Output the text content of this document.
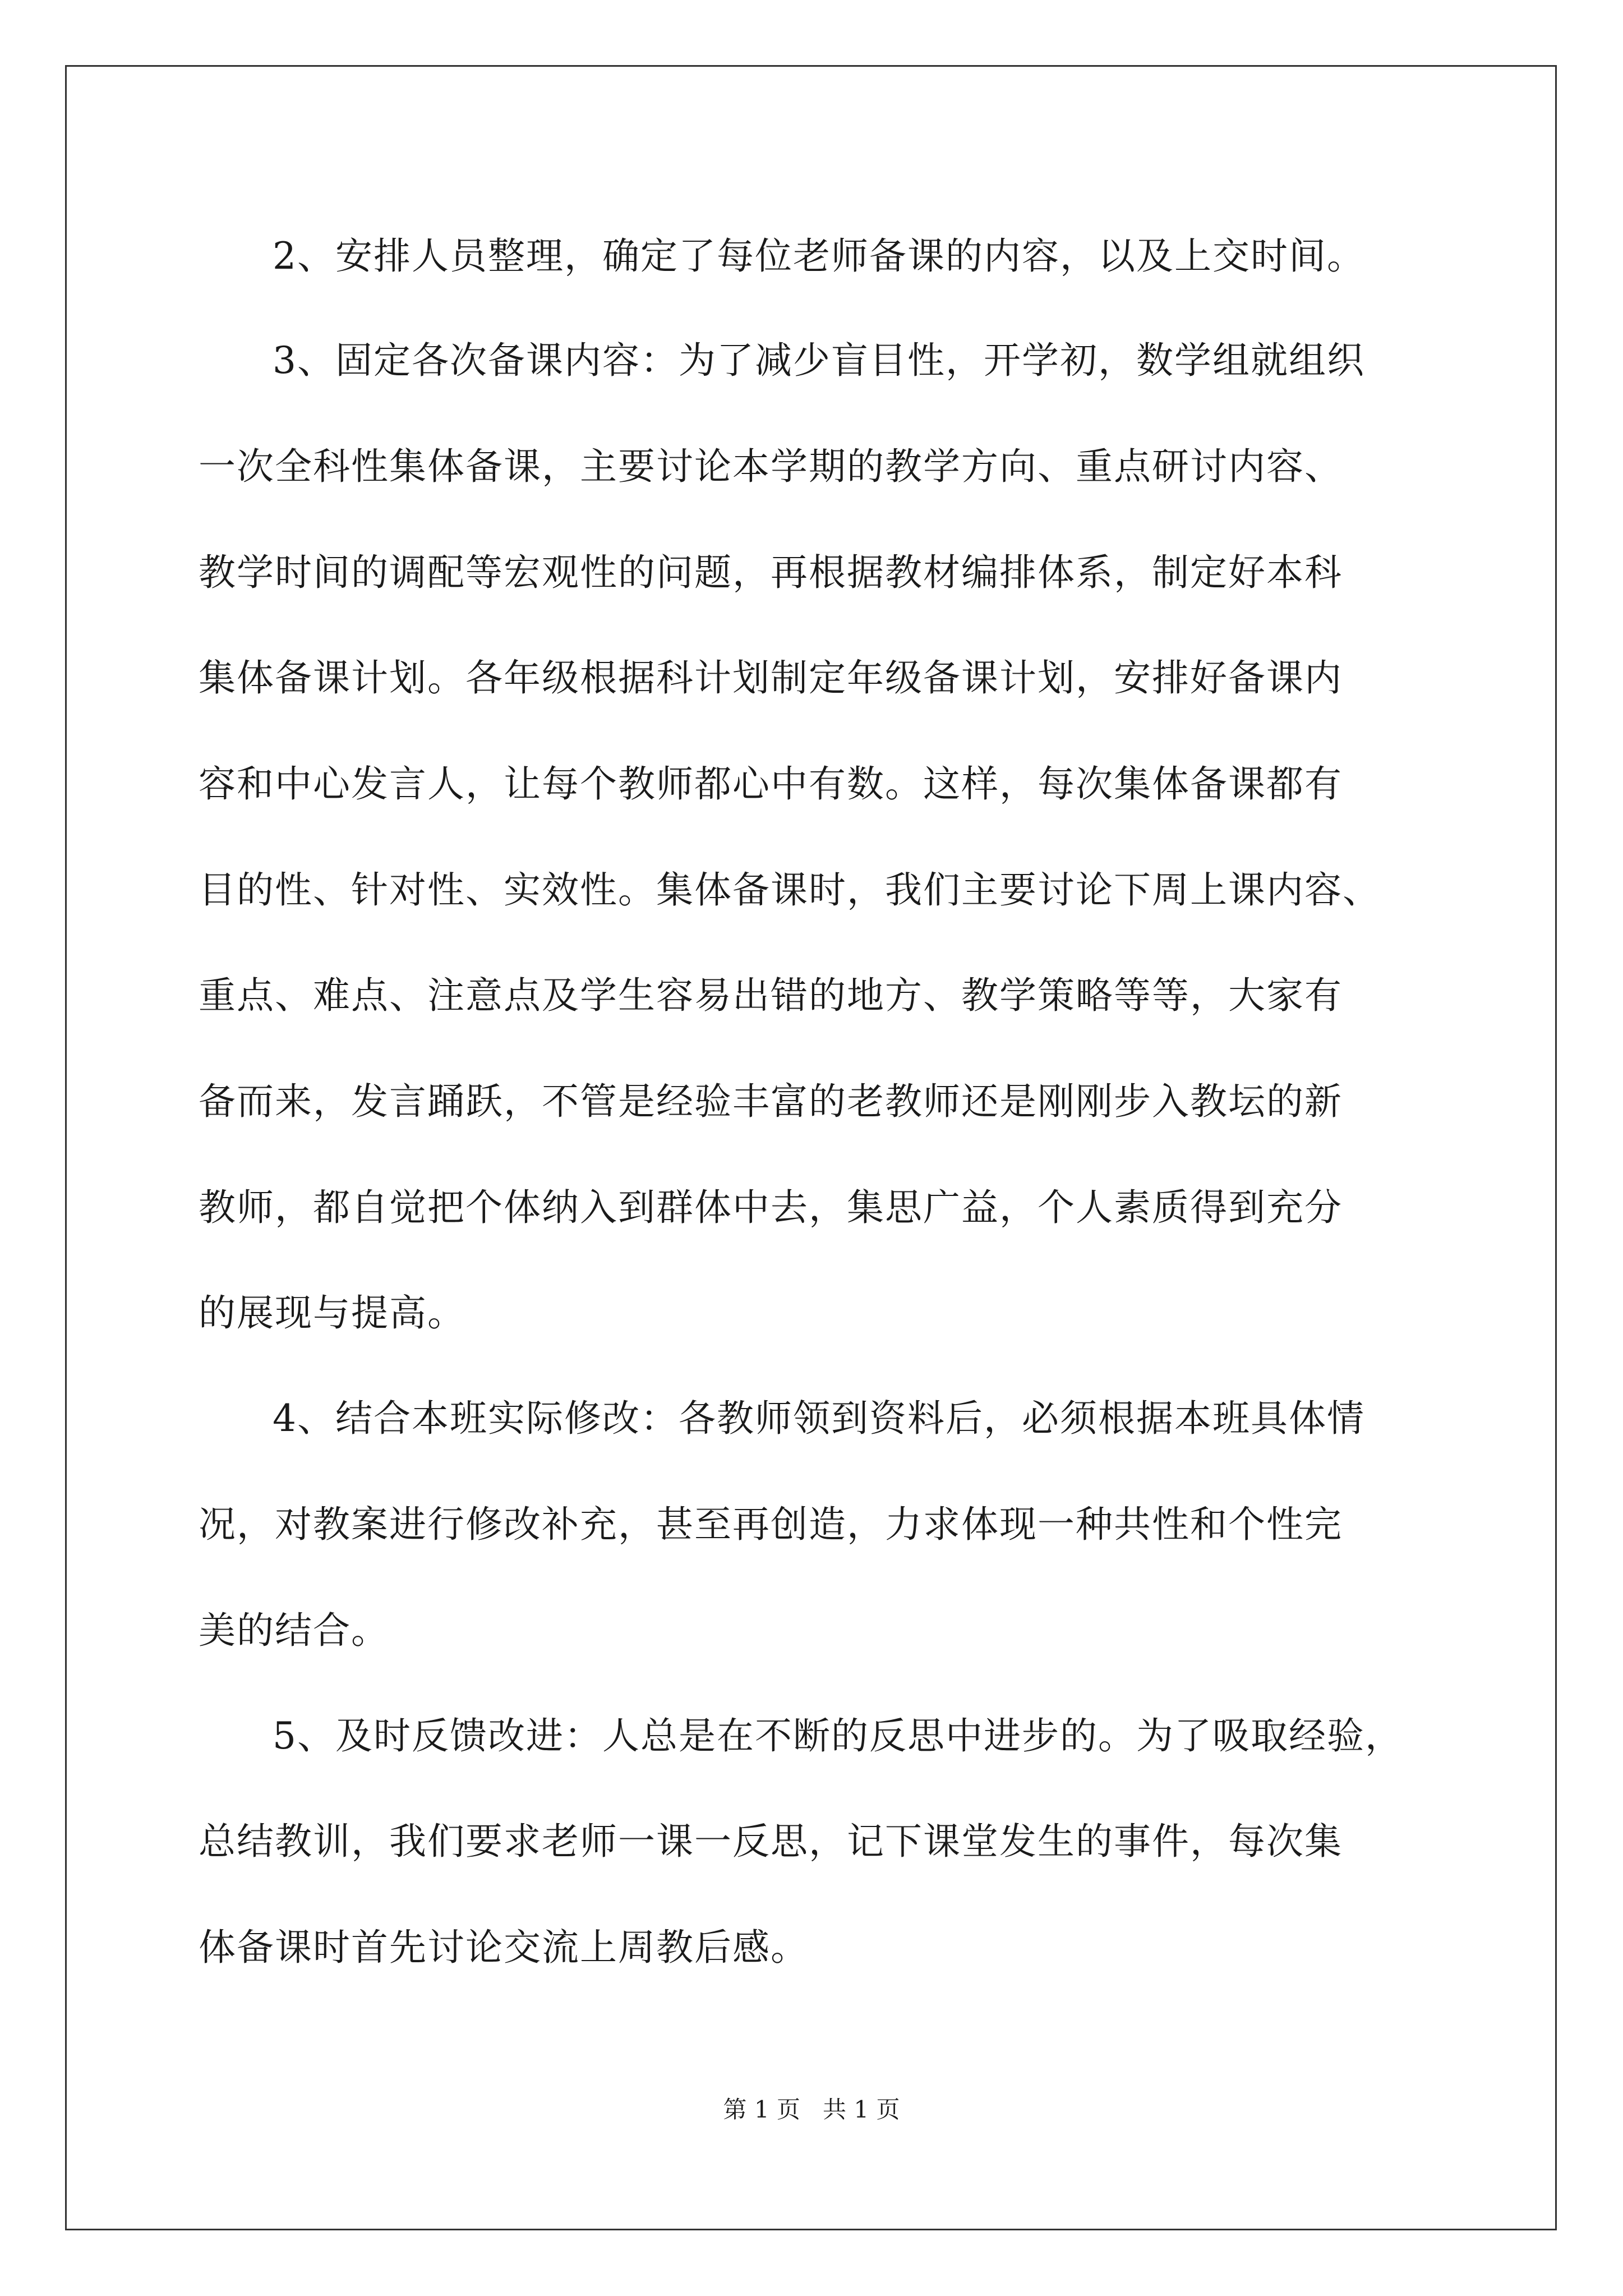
2、安排人员整理，确定了每位老师备课的内容，以及上交时间。
3、固定各次备课内容：为了减少盲目性，开学初，数学组就组织
一次全科性集体备课，主要讨论本学期的教学方向、重点研讨内容、
教学时间的调配等宏观性的问题，再根据教材编排体系，制定好本科
集体备课计划。各年级根据科计划制定年级备课计划，安排好备课内
容和中心发言人，让每个教师都心中有数。这样，每次集体备课都有
目的性、针对性、实效性。集体备课时，我们主要讨论下周上课内容、
重点、难点、注意点及学生容易出错的地方、教学策略等等，大家有
备而来，发言踊跃，不管是经验丰富的老教师还是刚刚步入教坛的新
教师，都自觉把个体纳入到群体中去，集思广益，个人素质得到充分
的展现与提高。
4、结合本班实际修改：各教师领到资料后，必须根据本班具体情
况，对教案进行修改补充，甚至再创造，力求体现一种共性和个性完
美的结合。
5、及时反馈改进：人总是在不断的反思中进步的。为了吸取经验，
总结教训，我们要求老师一课一反思，记下课堂发生的事件，每次集
体备课时首先讨论交流上周教后感。
第 1 页   共 1 页
